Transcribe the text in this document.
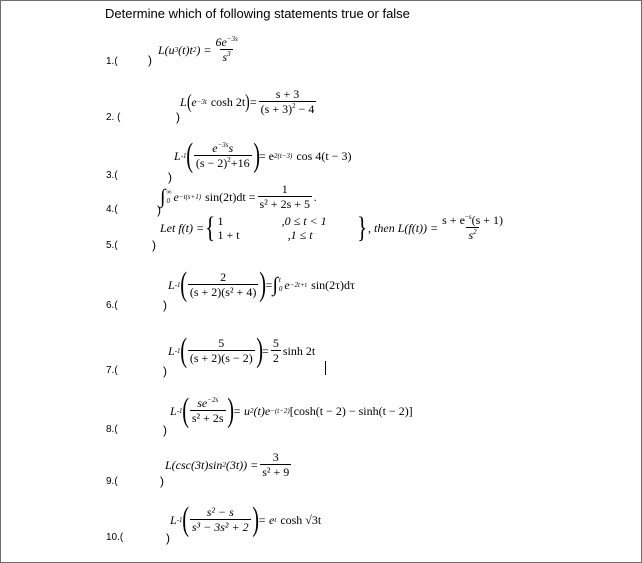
Determine which of following statements true or false
1.(	)
L(u 3 (t)t 2 ) = $\frac{6e^{-3s}}{s^3}$
2. (	)
L ( e −3t cosh 2t ) = $\frac{s + 3}{(s + 3)^2 - 4}$
3.(	)
L -1 ( $\frac{e^{-3s}s}{(s - 2)^2+16}$ ) = e 2(t−3) cos 4(t − 3)
4.(	)
∫ ∞
0 e −t(s+1) $\sin(2t)dt = \frac{1}{\text{s² + 2s + 5}}$ .
5.(	)
Let f(t) = { 1
1 + t
,0 ≤ t < 1
,1 ≤ t	} , then $L(f(t)) = \frac{s + e^{-s}(s + 1)}{s^2}$
6.(	)
L -1 ( $\frac{2}{\text{(s + 2)(s² + 4)}}$ ) = ∫ t
0 e −2t+τ sin(2τ)dτ
7.(	)
L -1 ( $\frac{5}{(s + 2)(s - 2)}$ ) = $\frac{5}{2}$ sinh 2t
8.(	)
L -1 ( $\frac{se^{-2s}}{\text{s² + 2s}}$ ) = u 2 (t)e −(t−2) [cosh(t − 2) − sinh(t − 2)]
9.(	)
L(csc(3t)sin 2 $(3t)) = \frac{3}{\text{s² + 9}}$
10.(	)
L -1 ( $\frac{\text{s² − s}}{\text{s³ − 3s² + 2}}$ ) = e t cosh √3t
